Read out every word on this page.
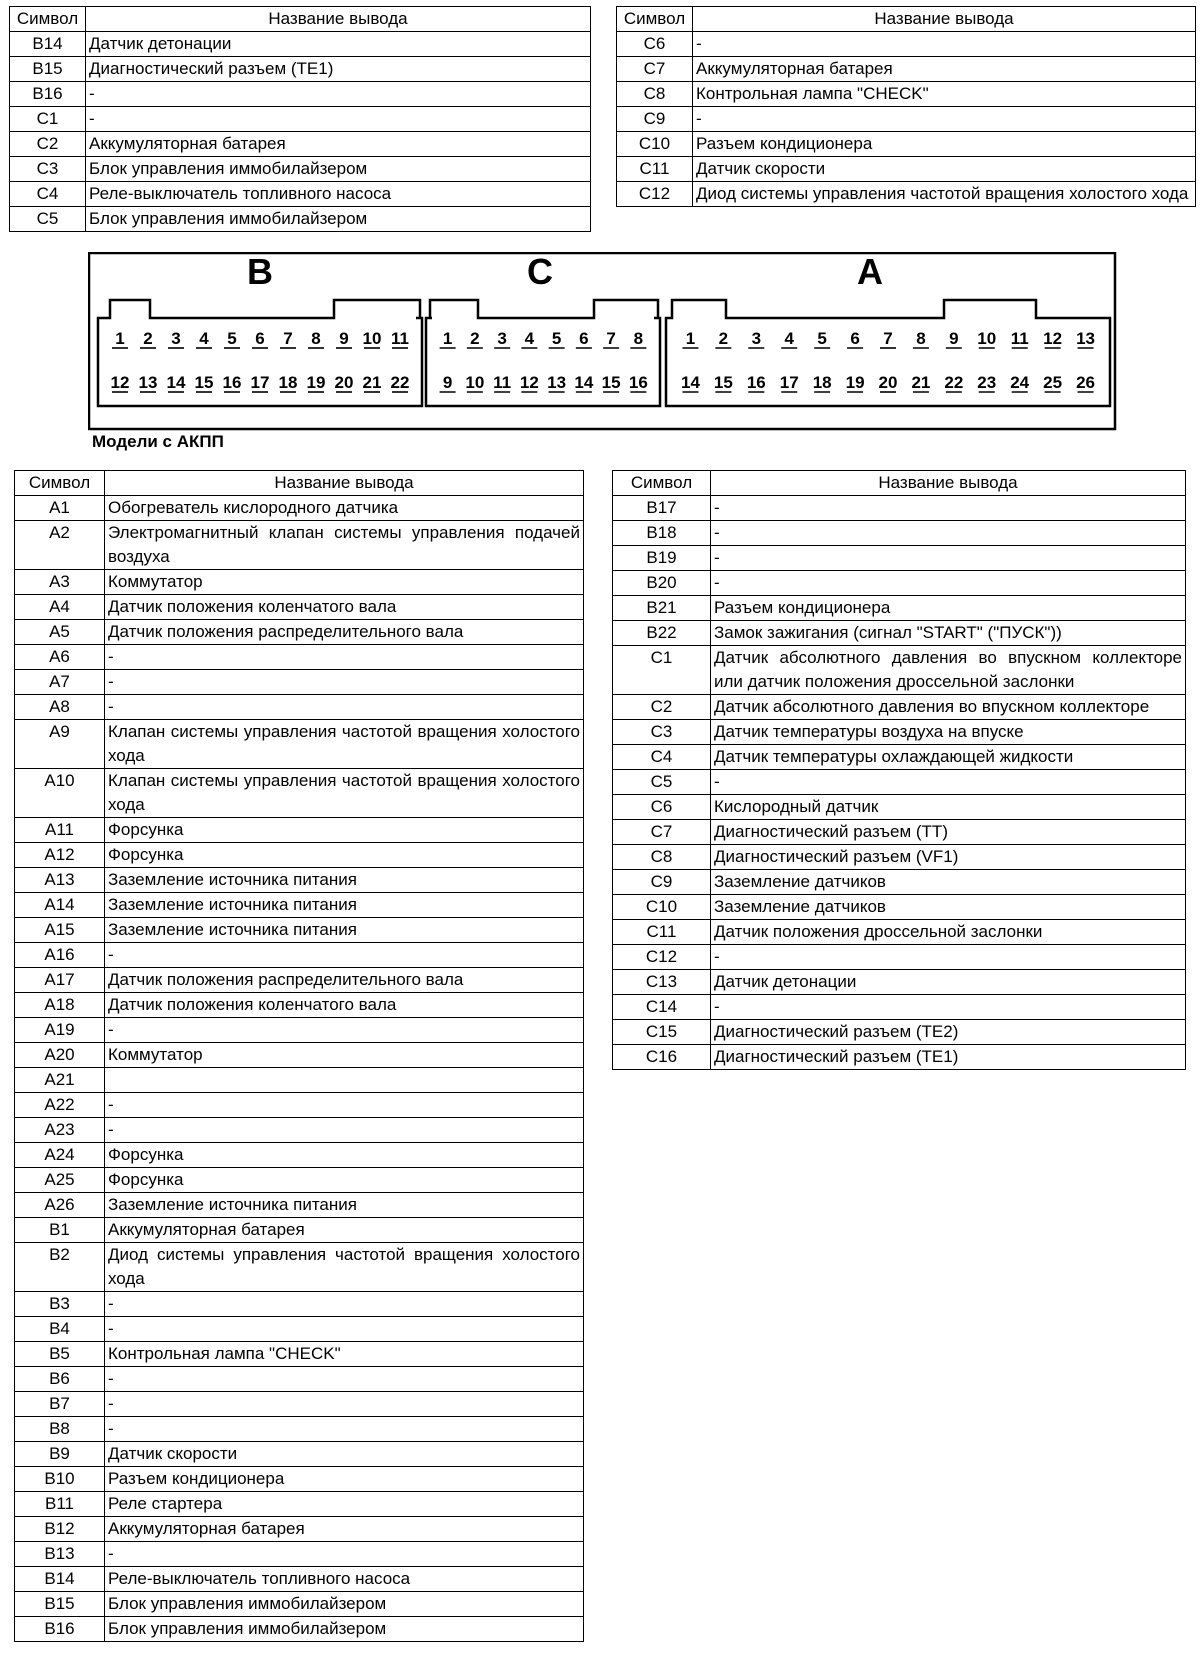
Символ	Название вывода
B14	Датчик детонации
B15	Диагностический разъем (TE1)
B16	-
C1	-
C2	Аккумуляторная батарея
C3	Блок управления иммобилайзером
C4	Реле-выключатель топливного насоса
C5	Блок управления иммобилайзером
Символ	Название вывода
C6	-
C7	Аккумуляторная батарея
C8	Контрольная лампа "CHECK"
C9	-
C10	Разъем кондиционера
C11	Датчик скорости
C12	Диод системы управления частотой вращения холостого хода
B
1 2 3 4 5 6 7 8 9 10 11
12 13 14 15 16 17 18 19 20 21 22
C
1 2 3 4 5 6 7 8
9 10 11 12 13 14 15 16
A
1 2 3 4 5 6 7 8 9 10 11 12 13
14 15 16 17 18 19 20 21 22 23 24 25 26
Модели с АКПП
Символ	Название вывода
A1	Обогреватель кислородного датчика
A2	Электромагнитный клапан системы управления подачей воздуха
A3	Коммутатор
A4	Датчик положения коленчатого вала
A5	Датчик положения распределительного вала
A6	-
A7	-
A8	-
A9	Клапан системы управления частотой вращения холостого хода
A10	Клапан системы управления частотой вращения холостого хода
A11	Форсунка
A12	Форсунка
A13	Заземление источника питания
A14	Заземление источника питания
A15	Заземление источника питания
A16	-
A17	Датчик положения распределительного вала
A18	Датчик положения коленчатого вала
A19	-
A20	Коммутатор
A21	
A22	-
A23	-
A24	Форсунка
A25	Форсунка
A26	Заземление источника питания
B1	Аккумуляторная батарея
B2	Диод системы управления частотой вращения холостого хода
B3	-
B4	-
B5	Контрольная лампа "CHECK"
B6	-
B7	-
B8	-
B9	Датчик скорости
B10	Разъем кондиционера
B11	Реле стартера
B12	Аккумуляторная батарея
B13	-
B14	Реле-выключатель топливного насоса
B15	Блок управления иммобилайзером
B16	Блок управления иммобилайзером
Символ	Название вывода
B17	-
B18	-
B19	-
B20	-
B21	Разъем кондиционера
B22	Замок зажигания (сигнал "START" ("ПУСК"))
C1	Датчик абсолютного давления во впускном коллекторе или датчик положения дроссельной заслонки
C2	Датчик абсолютного давления во впускном коллекторе
C3	Датчик температуры воздуха на впуске
C4	Датчик температуры охлаждающей жидкости
C5	-
C6	Кислородный датчик
C7	Диагностический разъем (TT)
C8	Диагностический разъем (VF1)
C9	Заземление датчиков
C10	Заземление датчиков
C11	Датчик положения дроссельной заслонки
C12	-
C13	Датчик детонации
C14	-
C15	Диагностический разъем (TE2)
C16	Диагностический разъем (TE1)
